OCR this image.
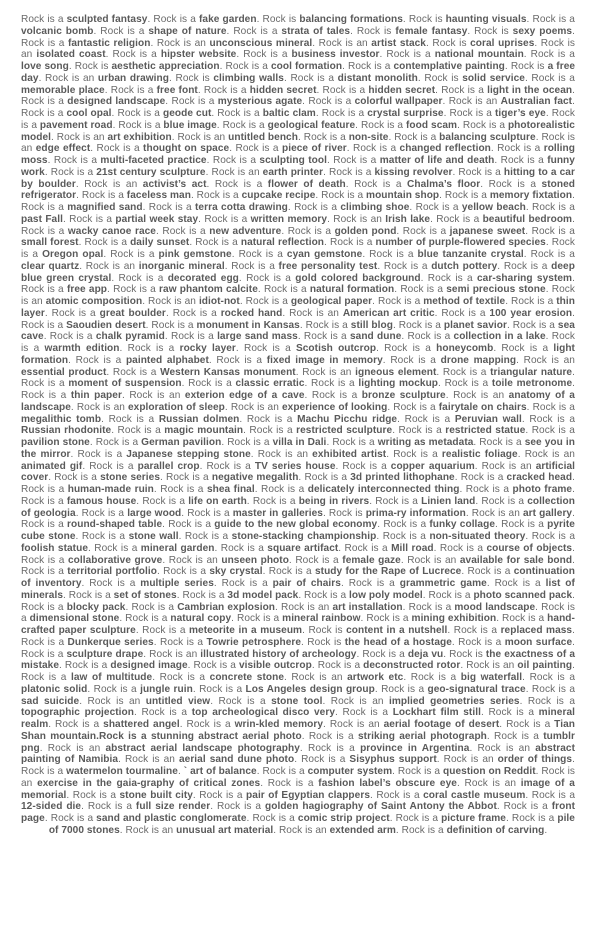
Rock is a sculpted fantasy. Rock is a fake garden. Rock is balancing formations. Rock is haunting visuals. Rock is a volcanic bomb. Rock is a shape of nature. Rock is a strata of tales. Rock is female fantasy. Rock is sexy poems. Rock is a fantastic religion. Rock is an unconscious mineral. Rock is an artist stack. Rock is coral uprises. Rock is an isolated coast. Rock is a hipster website. Rock is a business investor. Rock is a national mountain. Rock is a love song. Rock is aesthetic appreciation. Rock is a cool formation. Rock is a contemplative painting. Rock is a free day. Rock is an urban drawing. Rock is climbing walls. Rock is a distant monolith. Rock is solid service. Rock is a memorable place. Rock is a free font. Rock is a hidden secret. Rock is a hidden secret. Rock is a light in the ocean. Rock is a designed landscape. Rock is a mysterious agate. Rock is a colorful wallpaper. Rock is an Australian fact. Rock is a cool opal. Rock is a geode cut. Rock is a baltic clam. Rock is a crystal surprise. Rock is a tiger’s eye. Rock is a pavement road. Rock is a blue image. Rock is a geological feature. Rock is a food scam. Rock is a photorealistic model. Rock is an art exhibition. Rock is an untitled bench. Rock is a non-site. Rock is a balancing sculpture. Rock is an edge effect. Rock is a thought on space. Rock is a piece of river. Rock is a changed reflection. Rock is a rolling moss. Rock is a multi-faceted practice. Rock is a sculpting tool. Rock is a matter of life and death. Rock is a funny work. Rock is a 21st century sculpture. Rock is an earth printer. Rock is a kissing revolver. Rock is a hitting to a car by boulder. Rock is an activist’s act. Rock is a flower of death. Rock is a Chalma’s floor. Rock is a stoned refrigerator. Rock is a faceless man. Rock is a cupcake recipe. Rock is a mountain shop. Rock is a memory fixtation. Rock is a magnified sand. Rock is a terra cotta drawing. Rock is a climbing shoe. Rock is a yellow beach. Rock is a past Fall. Rock is a partial week stay. Rock is a written memory. Rock is an Irish lake. Rock is a beautiful bedroom. Rock is a wacky canoe race. Rock is a new adventure. Rock is a golden pond. Rock is a japanese sweet. Rock is a small forest. Rock is a daily sunset. Rock is a natural reflection. Rock is a number of purple-flowered species. Rock is a Oregon opal. Rock is a pink gemstone. Rock is a cyan gemstone. Rock is a blue tanzanite crystal. Rock is a clear quartz. Rock is an inorganic mineral. Rock is a free personality test. Rock is a dutch pottery. Rock is a deep blue green crystal. Rock is a decorated egg. Rock is a gold colored background. Rock is a car-sharing system. Rock is a free app. Rock is a raw phantom calcite. Rock is a natural formation. Rock is a semi precious stone. Rock is an atomic composition. Rock is an idiot-not. Rock is a geological paper. Rock is a method of textile. Rock is a thin layer. Rock is a great boulder. Rock is a rocked hand. Rock is an American art critic. Rock is a 100 year erosion. Rock is a Saoudien desert. Rock is a monument in Kansas. Rock is a still blog. Rock is a planet savior. Rock is a sea cave. Rock is a chalk pyramid. Rock is a large sand mass. Rock is a sand dune. Rock is a collection in a lake. Rock is a warmth edition. Rock is a rocky layer. Rock is a Scotish outcrop. Rock is a honeycomb. Rock is a light formation. Rock is a painted alphabet. Rock is a fixed image in memory. Rock is a drone mapping. Rock is an essential product. Rock is a Western Kansas monument. Rock is an igneous element. Rock is a triangular nature. Rock is a moment of suspension. Rock is a classic erratic. Rock is a lighting mockup. Rock is a toile metronome. Rock is a thin paper. Rock is an exterion edge of a cave. Rock is a bronze sculpture. Rock is an anatomy of a landscape. Rock is an exploration of sleep. Rock is an experience of looking. Rock is a fairytale on chairs. Rock is a megalithic tomb. Rock is a Russian dolmen. Rock is a Machu Picchu ridge. Rock is a Peruvian wall. Rock is a Russian rhodonite. Rock is a magic mountain. Rock is a restricted sculpture. Rock is a restricted statue. Rock is a pavilion stone. Rock is a German pavilion. Rock is a villa in Dali. Rock is a writing as metadata. Rock is a see you in the mirror. Rock is a Japanese stepping stone. Rock is an exhibited artist. Rock is a realistic foliage. Rock is an animated gif. Rock is a parallel crop. Rock is a TV series house. Rock is a copper aquarium. Rock is an artificial cover. Rock is a stone series. Rock is a negative megalith. Rock is a 3d printed lithophane. Rock is a cracked head. Rock is a human-made ruin. Rock is a shea final. Rock is a delicately interconnected thing. Rock is a photo frame. Rock is a famous house. Rock is a life on earth. Rock is a being in rivers. Rock is a Linien land. Rock is a collection of geologia. Rock is a large wood. Rock is a master in galleries. Rock is prima-ry information. Rock is an art gallery. Rock is a round-shaped table. Rock is a guide to the new global economy. Rock is a funky collage. Rock is a pyrite cube stone. Rock is a stone wall. Rock is a stone-stacking championship. Rock is a non-situated theory. Rock is a foolish statue. Rock is a mineral garden. Rock is a square artifact. Rock is a Mill road. Rock is a course of objects. Rock is a collaborative grove. Rock is an unseen photo. Rock is a female gaze. Rock is an available for sale bond. Rock is a territorial portfolio. Rock is a sky crystal. Rock is a study for the Rape of Lucrece. Rock is a continuation of inventory. Rock is a multiple series. Rock is a pair of chairs. Rock is a grammetric game. Rock is a list of minerals. Rock is a set of stones. Rock is a 3d model pack. Rock is a low poly model. Rock is a photo scanned pack. Rock is a blocky pack. Rock is a Cambrian explosion. Rock is an art installation. Rock is a mood landscape. Rock is a dimensional stone. Rock is a natural copy. Rock is a mineral rainbow. Rock is a mining exhibition. Rock is a hand-crafted paper sculpture. Rock is a meteorite in a museum. Rock is content in a nutshell. Rock is a replaced mass. Rock is a Dunkerque series. Rock is a Towrie petrosphere. Rock is the head of a hostage. Rock is a moon surface. Rock is a sculpture drape. Rock is an illustrated history of archeology. Rock is a deja vu. Rock is the exactness of a mistake. Rock is a designed image. Rock is a visible outcrop. Rock is a deconstructed rotor. Rock is an oil painting. Rock is a law of multitude. Rock is a concrete stone. Rock is an artwork etc. Rock is a big waterfall. Rock is a platonic solid. Rock is a jungle ruin. Rock is a Los Angeles design group. Rock is a geo-signatural trace. Rock is a sad suicide. Rock is an untitled view. Rock is a stone tool. Rock is an implied geometries series. Rock is a topographic projection. Rock is a top archeological disco very. Rock is a Lockhart film still. Rock is a mineral realm. Rock is a shattered angel. Rock is a wrin-kled memory. Rock is an aerial footage of desert. Rock is a Tian Shan mountain.Rock is a stunning abstract aerial photo. Rock is a striking aerial photograph. Rock is a tumblr png. Rock is an abstract aerial landscape photography. Rock is a province in Argentina. Rock is an abstract painting of Namibia. Rock is an aerial sand dune photo. Rock is a Sisyphus support. Rock is an order of things. Rock is a watermelon tourmaline. ` art of balance. Rock is a computer system. Rock is a question on Reddit. Rock is an exercise in the gaia-graphy of critical zones. Rock is a fashion label’s obscure eye. Rock is an image of a memorial. Rock is a stone built city. Rock is a pair of Egyptian clappers. Rock is a coral castle museum. Rock is a 12-sided die. Rock is a full size render. Rock is a golden hagiography of Saint Antony the Abbot. Rock is a front page. Rock is a sand and plastic conglomerate. Rock is a comic strip project. Rock is a picture frame. Rock is a pile of 7000 stones. Rock is an unusual art material. Rock is an extended arm. Rock is a definition of carving.
